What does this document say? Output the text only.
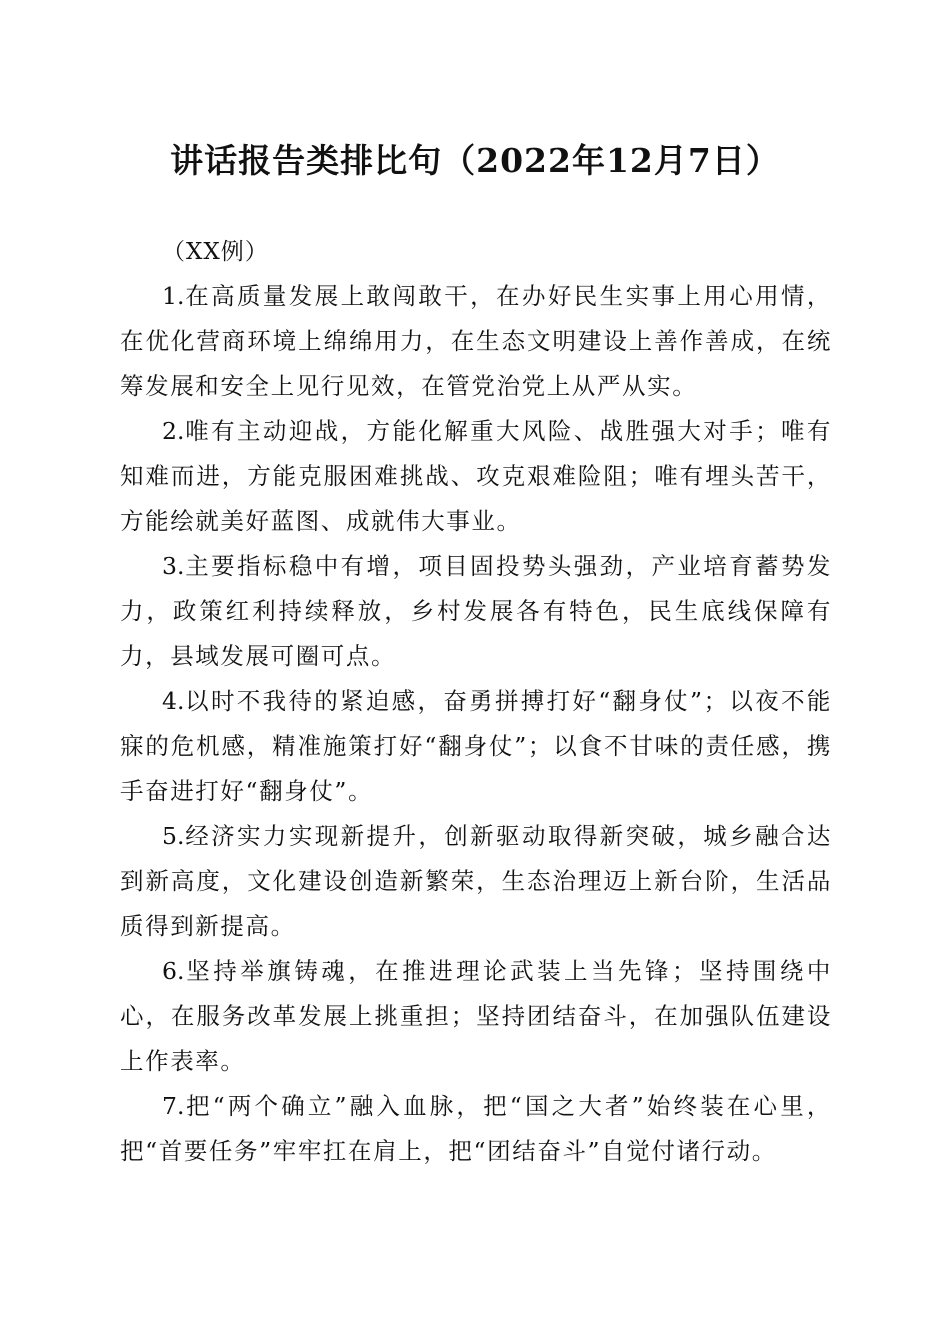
讲话报告类排比句（2022年12月7日）

（XX例）

1.在高质量发展上敢闯敢干，在办好民生实事上用心用情，在优化营商环境上绵绵用力，在生态文明建设上善作善成，在统筹发展和安全上见行见效，在管党治党上从严从实。

2.唯有主动迎战，方能化解重大风险、战胜强大对手；唯有知难而进，方能克服困难挑战、攻克艰难险阻；唯有埋头苦干，方能绘就美好蓝图、成就伟大事业。

3.主要指标稳中有增，项目固投势头强劲，产业培育蓄势发力，政策红利持续释放，乡村发展各有特色，民生底线保障有力，县域发展可圈可点。

4.以时不我待的紧迫感，奋勇拼搏打好“翻身仗”；以夜不能寐的危机感，精准施策打好“翻身仗”；以食不甘味的责任感，携手奋进打好“翻身仗”。

5.经济实力实现新提升，创新驱动取得新突破，城乡融合达到新高度，文化建设创造新繁荣，生态治理迈上新台阶，生活品质得到新提高。

6.坚持举旗铸魂，在推进理论武装上当先锋；坚持围绕中心，在服务改革发展上挑重担；坚持团结奋斗，在加强队伍建设上作表率。

7.把“两个确立”融入血脉，把“国之大者”始终装在心里，把“首要任务”牢牢扛在肩上，把“团结奋斗”自觉付诸行动。
